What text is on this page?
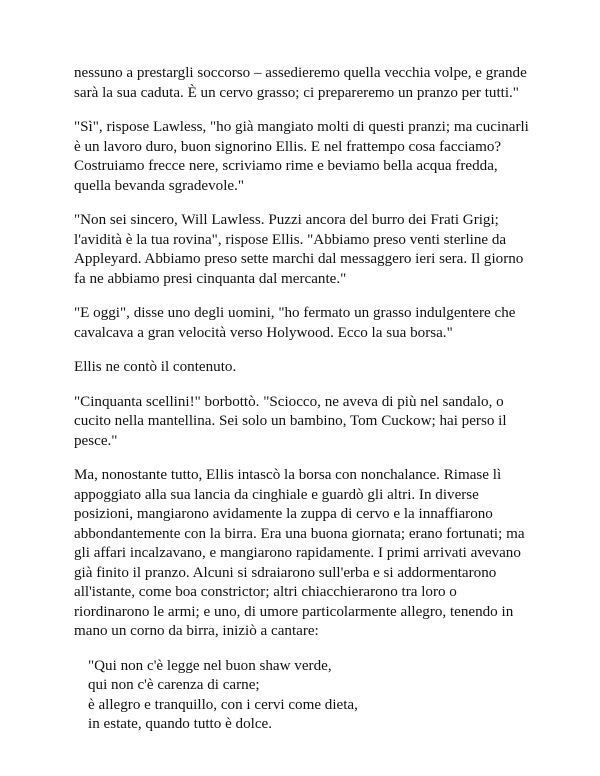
nessuno a prestargli soccorso – assedieremo quella vecchia volpe, e grande
sarà la sua caduta. È un cervo grasso; ci prepareremo un pranzo per tutti."

"Sì", rispose Lawless, "ho già mangiato molti di questi pranzi; ma cucinarli
è un lavoro duro, buon signorino Ellis. E nel frattempo cosa facciamo?
Costruiamo frecce nere, scriviamo rime e beviamo bella acqua fredda,
quella bevanda sgradevole."

"Non sei sincero, Will Lawless. Puzzi ancora del burro dei Frati Grigi;
l'avidità è la tua rovina", rispose Ellis. "Abbiamo preso venti sterline da
Appleyard. Abbiamo preso sette marchi dal messaggero ieri sera. Il giorno
fa ne abbiamo presi cinquanta dal mercante."

"E oggi", disse uno degli uomini, "ho fermato un grasso indulgentere che
cavalcava a gran velocità verso Holywood. Ecco la sua borsa."

Ellis ne contò il contenuto.

"Cinquanta scellini!" borbottò. "Sciocco, ne aveva di più nel sandalo, o
cucito nella mantellina. Sei solo un bambino, Tom Cuckow; hai perso il
pesce."

Ma, nonostante tutto, Ellis intascò la borsa con nonchalance. Rimase lì
appoggiato alla sua lancia da cinghiale e guardò gli altri. In diverse
posizioni, mangiarono avidamente la zuppa di cervo e la innaffiarono
abbondantemente con la birra. Era una buona giornata; erano fortunati; ma
gli affari incalzavano, e mangiarono rapidamente. I primi arrivati avevano
già finito il pranzo. Alcuni si sdraiarono sull'erba e si addormentarono
all'istante, come boa constrictor; altri chiacchierarono tra loro o
riordinarono le armi; e uno, di umore particolarmente allegro, tenendo in
mano un corno da birra, iniziò a cantare:

"Qui non c'è legge nel buon shaw verde,
qui non c'è carenza di carne;
è allegro e tranquillo, con i cervi come dieta,
in estate, quando tutto è dolce.
